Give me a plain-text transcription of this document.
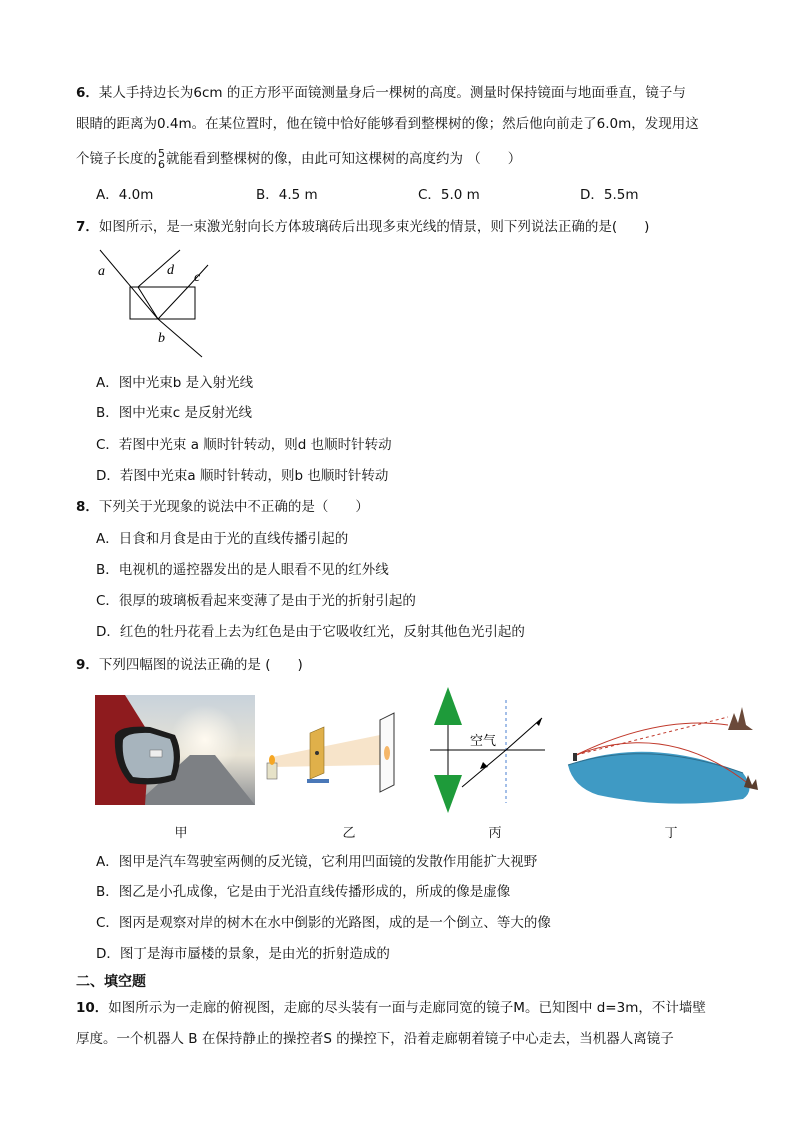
6．某人手持边长为6cm 的正方形平面镜测量身后一棵树的高度。测量时保持镜面与地面垂直，镜子与
眼睛的距离为0.4m。在某位置时，他在镜中恰好能够看到整棵树的像；然后他向前走了6.0m，发现用这
个镜子长度的 5
6 就能看到整棵树的像，由此可知这棵树的高度约为 （　　）
A．4.0m	B．4.5 m	C．5.0 m	D．5.5m
7．如图所示，是一束激光射向长方体玻璃砖后出现多束光线的情景，则下列说法正确的是(　　)
a	d c
b
A．图中光束b 是入射光线
B．图中光束c 是反射光线
C．若图中光束 a 顺时针转动，则d 也顺时针转动
D．若图中光束a 顺时针转动，则b 也顺时针转动
8．下列关于光现象的说法中不正确的是（　　）
A．日食和月食是由于光的直线传播引起的
B．电视机的遥控器发出的是人眼看不见的红外线
C．很厚的玻璃板看起来变薄了是由于光的折射引起的
D．红色的牡丹花看上去为红色是由于它吸收红光，反射其他色光引起的
9．下列四幅图的说法正确的是 (　　)
空气
甲	乙	丙	丁
A．图甲是汽车驾驶室两侧的反光镜，它利用凹面镜的发散作用能扩大视野
B．图乙是小孔成像，它是由于光沿直线传播形成的，所成的像是虚像
C．图丙是观察对岸的树木在水中倒影的光路图，成的是一个倒立、等大的像
D．图丁是海市蜃楼的景象，是由光的折射造成的
二、填空题
10．如图所示为一走廊的俯视图，走廊的尽头装有一面与走廊同宽的镜子M。已知图中 d=3m，不计墙壁
厚度。一个机器人 B 在保持静止的操控者S 的操控下，沿着走廊朝着镜子中心走去，当机器人离镜子
